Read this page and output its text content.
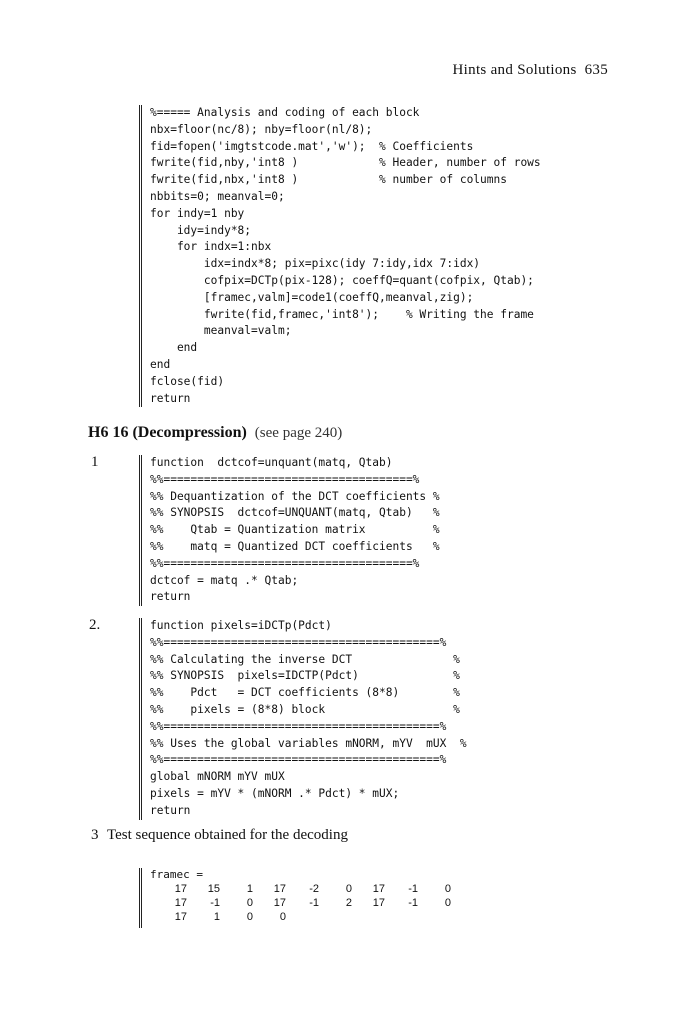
Hints and Solutions 635
%===== Analysis and coding of each block
nbx=floor(nc/8); nby=floor(nl/8);
fid=fopen('imgtstcode.mat','w');  % Coefficients
fwrite(fid,nby,'int8 )            % Header, number of rows
fwrite(fid,nbx,'int8 )            % number of columns
nbbits=0; meanval=0;
for indy=1 nby
idy=indy*8;
for indx=1:nbx
idx=indx*8; pix=pixc(idy 7:idy,idx 7:idx)
cofpix=DCTp(pix-128); coeffQ=quant(cofpix, Qtab);
[framec,valm]=code1(coeffQ,meanval,zig);
fwrite(fid,framec,'int8');    % Writing the frame
meanval=valm;
end
end
fclose(fid)
return
H6 16 (Decompression) (see page 240)
1	function  dctcof=unquant(matq, Qtab)
%%=====================================%
%% Dequantization of the DCT coefficients %
%% SYNOPSIS  dctcof=UNQUANT(matq, Qtab)   %
%%    Qtab = Quantization matrix          %
%%    matq = Quantized DCT coefficients   %
%%=====================================%
dctcof = matq .* Qtab;
return
2.	function pixels=iDCTp(Pdct)
%%=========================================%
%% Calculating the inverse DCT               %
%% SYNOPSIS  pixels=IDCTP(Pdct)              %
%%    Pdct   = DCT coefficients (8*8)        %
%%    pixels = (8*8) block                   %
%%=========================================%
%% Uses the global variables mNORM, mYV  mUX  %
%%=========================================%
global mNORM mYV mUX
pixels = mYV * (mNORM .* Pdct) * mUX;
return
3 Test sequence obtained for the decoding
framec =
17	15	1	17	-2	0	17	-1	0
17	-1	0	17	-1	2	17	-1	0
17	1	0	0
